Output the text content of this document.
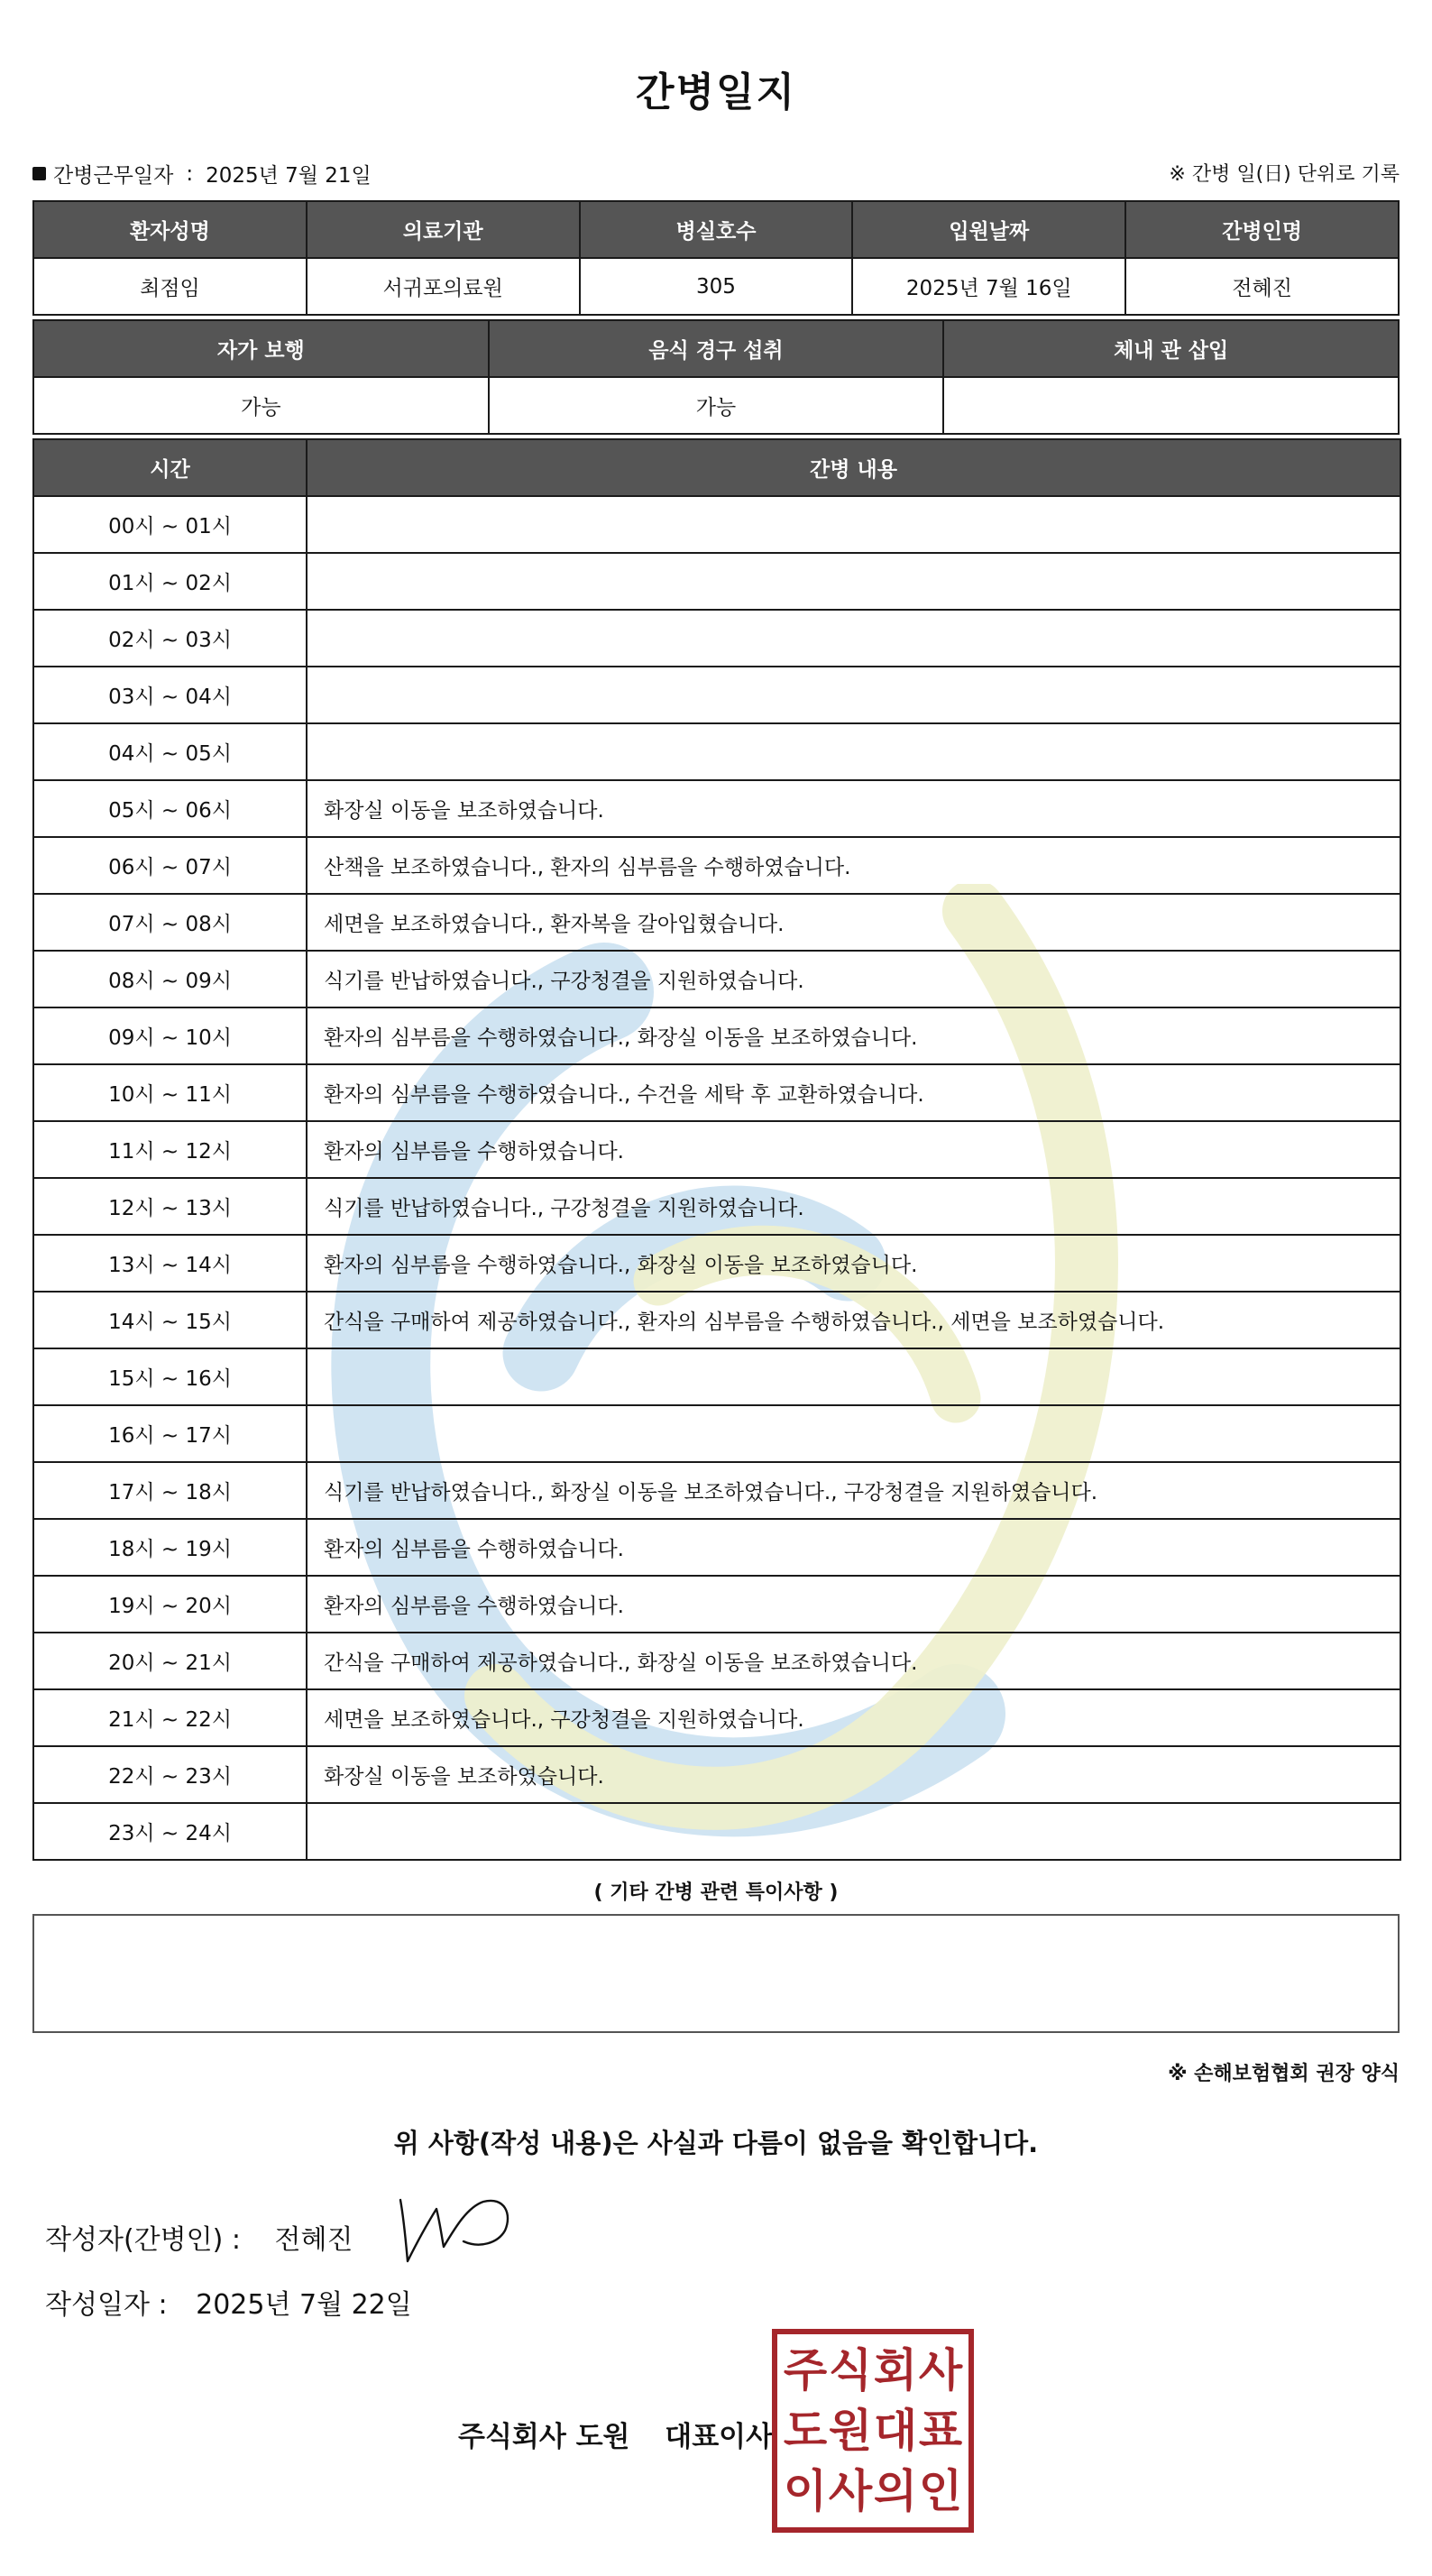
간병일지
간병근무일자 : 2025년 7월 21일	※ 간병 일(日) 단위로 기록
환자성명	의료기관	병실호수	입원날짜	간병인명
최점임	서귀포의료원	305	2025년 7월 16일	전혜진
자가 보행	음식 경구 섭취	체내 관 삽입
가능	가능	
시간	간병 내용
00시 ~ 01시	
01시 ~ 02시	
02시 ~ 03시	
03시 ~ 04시	
04시 ~ 05시	
05시 ~ 06시	화장실 이동을 보조하였습니다.
06시 ~ 07시	산책을 보조하였습니다., 환자의 심부름을 수행하였습니다.
07시 ~ 08시	세면을 보조하였습니다., 환자복을 갈아입혔습니다.
08시 ~ 09시	식기를 반납하였습니다., 구강청결을 지원하였습니다.
09시 ~ 10시	환자의 심부름을 수행하였습니다., 화장실 이동을 보조하였습니다.
10시 ~ 11시	환자의 심부름을 수행하였습니다., 수건을 세탁 후 교환하였습니다.
11시 ~ 12시	환자의 심부름을 수행하였습니다.
12시 ~ 13시	식기를 반납하였습니다., 구강청결을 지원하였습니다.
13시 ~ 14시	환자의 심부름을 수행하였습니다., 화장실 이동을 보조하였습니다.
14시 ~ 15시	간식을 구매하여 제공하였습니다., 환자의 심부름을 수행하였습니다., 세면을 보조하였습니다.
15시 ~ 16시	
16시 ~ 17시	
17시 ~ 18시	식기를 반납하였습니다., 화장실 이동을 보조하였습니다., 구강청결을 지원하였습니다.
18시 ~ 19시	환자의 심부름을 수행하였습니다.
19시 ~ 20시	환자의 심부름을 수행하였습니다.
20시 ~ 21시	간식을 구매하여 제공하였습니다., 화장실 이동을 보조하였습니다.
21시 ~ 22시	세면을 보조하였습니다., 구강청결을 지원하였습니다.
22시 ~ 23시	화장실 이동을 보조하였습니다.
23시 ~ 24시	
( 기타 간병 관련 특이사항 )
※ 손해보험협회 권장 양식
위 사항(작성 내용)은 사실과 다름이 없음을 확인합니다.
작성자(간병인) : 전혜진
작성일자 : 2025년 7월 22일
주식회사 도원 대표이사
주 식 회 사
도 원 대 표
이 사 의 인
